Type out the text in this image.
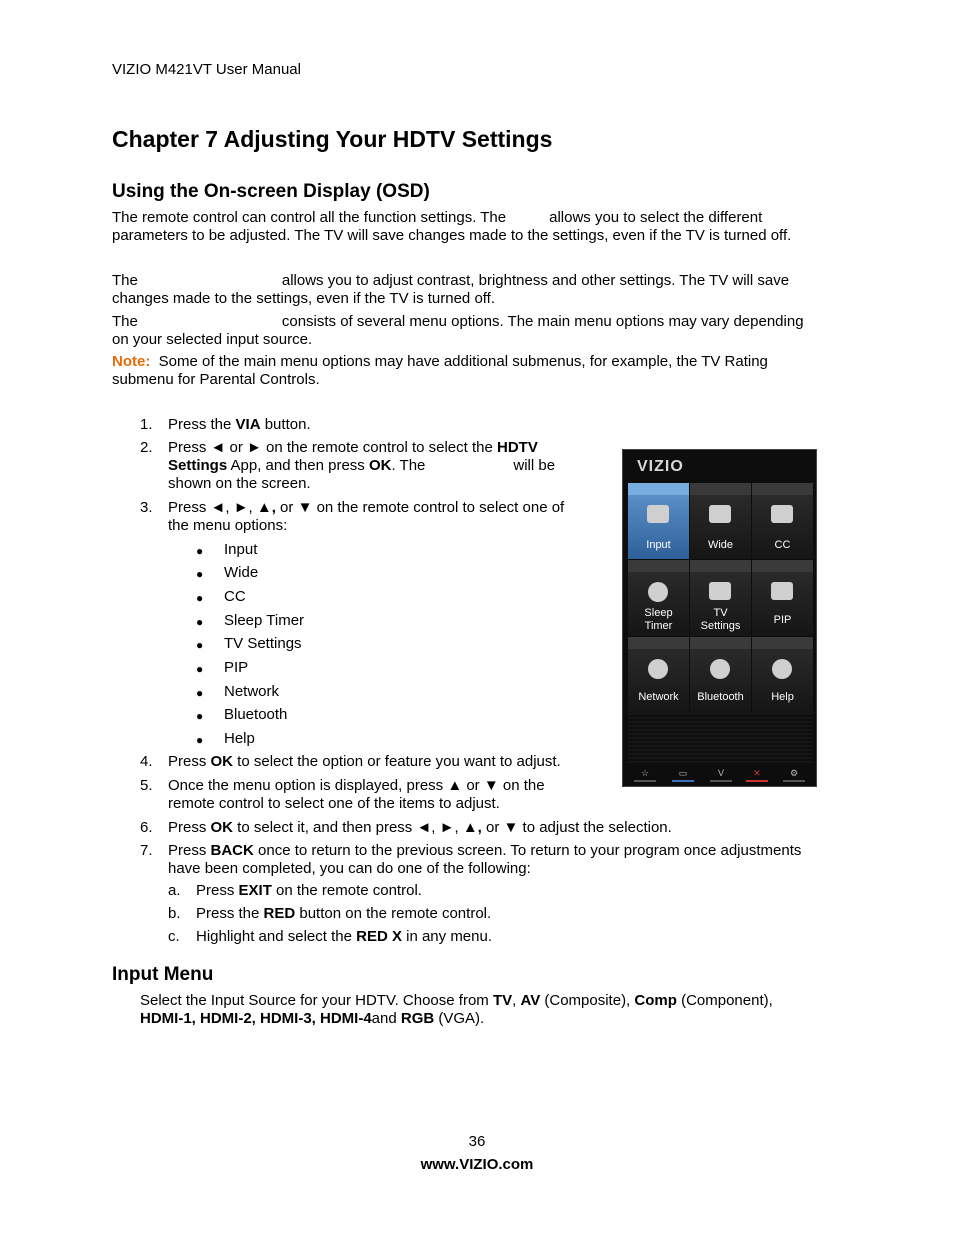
VIZIO M421VT User Manual
Chapter 7 Adjusting Your HDTV Settings
Using the On-screen Display (OSD)
The remote control can control all the function settings. The	allows you to select the different
parameters to be adjusted. The TV will save changes made to the settings, even if the TV is turned off.
The	allows you to adjust contrast, brightness and other settings. The TV will save
changes made to the settings, even if the TV is turned off.
The	consists of several menu options. The main menu options may vary depending
on your selected input source.
Note: Some of the main menu options may have additional submenus, for example, the TV Rating
submenu for Parental Controls.
1. Press the VIA button.
2. Press ◄ or ► on the remote control to select the HDTV
Settings App, and then press OK. The	will be
shown on the screen.
3. Press ◄, ►, ▲, or ▼ on the remote control to select one of
the menu options:
● Input
● Wide
● CC
● Sleep Timer
● TV Settings
● PIP
● Network
● Bluetooth
● Help
4. Press OK to select the option or feature you want to adjust.
5. Once the menu option is displayed, press ▲ or ▼ on the
remote control to select one of the items to adjust.
6. Press OK to select it, and then press ◄, ►, ▲, or ▼ to adjust the selection.
7. Press BACK once to return to the previous screen. To return to your program once adjustments
have been completed, you can do one of the following:
a. Press EXIT on the remote control.
b. Press the RED button on the remote control.
c. Highlight and select the RED X in any menu.
VIZIO
Input	Wide	CC
Sleep
Timer
TV
Settings	PIP
Network	Bluetooth	Help
☆	▭	V	✕	⚙
Input Menu
Select the Input Source for your HDTV. Choose from TV, AV (Composite), Comp (Component),
HDMI-1, HDMI-2, HDMI-3, HDMI-4and RGB (VGA).
36
www.VIZIO.com
